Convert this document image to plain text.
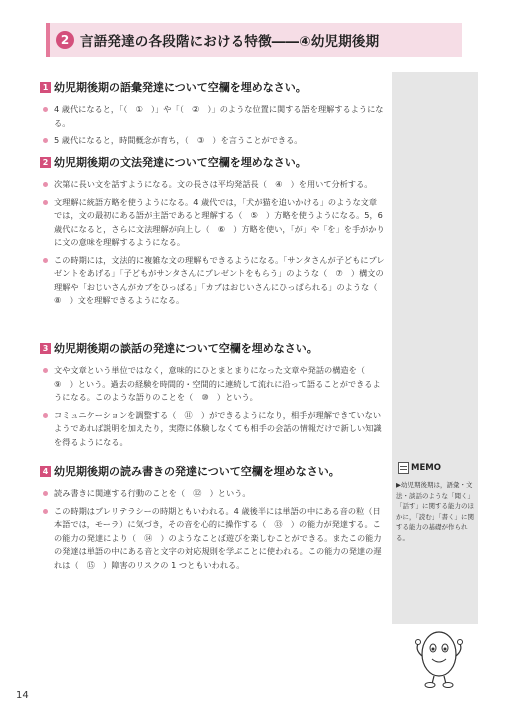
2 言語発達の各段階における特徴――④幼児期後期
1 幼児期後期の語彙発達について空欄を埋めなさい。
4 歳代になると，「（　①　）」や「（　②　）」のような位置に関する語を理解するようになる。
5 歳代になると，時間概念が育ち，（　③　）を言うことができる。
2 幼児期後期の文法発達について空欄を埋めなさい。
次第に長い文を話すようになる。文の長さは平均発話長（　④　）を用いて分析する。
文理解に統語方略を使うようになる。4 歳代では，「犬が猫を追いかける」のような文章では，文の最初にある語が主語であると理解する（　⑤　）方略を使うようになる。5，6 歳代になると，さらに文法理解が向上し（　⑥　）方略を使い，「が」や「を」を手がかりに文の意味を理解するようになる。
この時期には，文法的に複雑な文の理解もできるようになる。「サンタさんが子どもにプレゼントをあげる」「子どもがサンタさんにプレゼントをもらう」のような（　⑦　）構文の理解や「おじいさんがカブをひっぱる」「カブはおじいさんにひっぱられる」のような（　⑧　）文を理解できるようになる。
3 幼児期後期の談話の発達について空欄を埋めなさい。
文や文章という単位ではなく，意味的にひとまとまりになった文章や発話の構造を（　⑨　）という。過去の経験を時間的・空間的に連続して流れに沿って語ることができるようになる。このような語りのことを（　⑩　）という。
コミュニケーションを調整する（　⑪　）ができるようになり，相手が理解できていないようであれば説明を加えたり，実際に体験しなくても相手の会話の情報だけで新しい知識を得るようになる。
4 幼児期後期の読み書きの発達について空欄を埋めなさい。
読み書きに関連する行動のことを（　⑫　）という。
この時期はプレリテラシーの時期ともいわれる。4 歳後半には単語の中にある音の粒（日本語では，モーラ）に気づき，その音を心的に操作する（　⑬　）の能力が発達する。この能力の発達により（　⑭　）のようなことば遊びを楽しむことができる。またこの能力の発達は単語の中にある音と文字の対応規則を学ぶことに使われる。この能力の発達の遅れは（　⑮　）障害のリスクの 1 つともいわれる。
MEMO
▶幼児期後期は，語彙・文法・談話のような「聞く」「話す」に関する能力のほかに，「読む」「書く」に関する能力の基礎が作られる。
14
